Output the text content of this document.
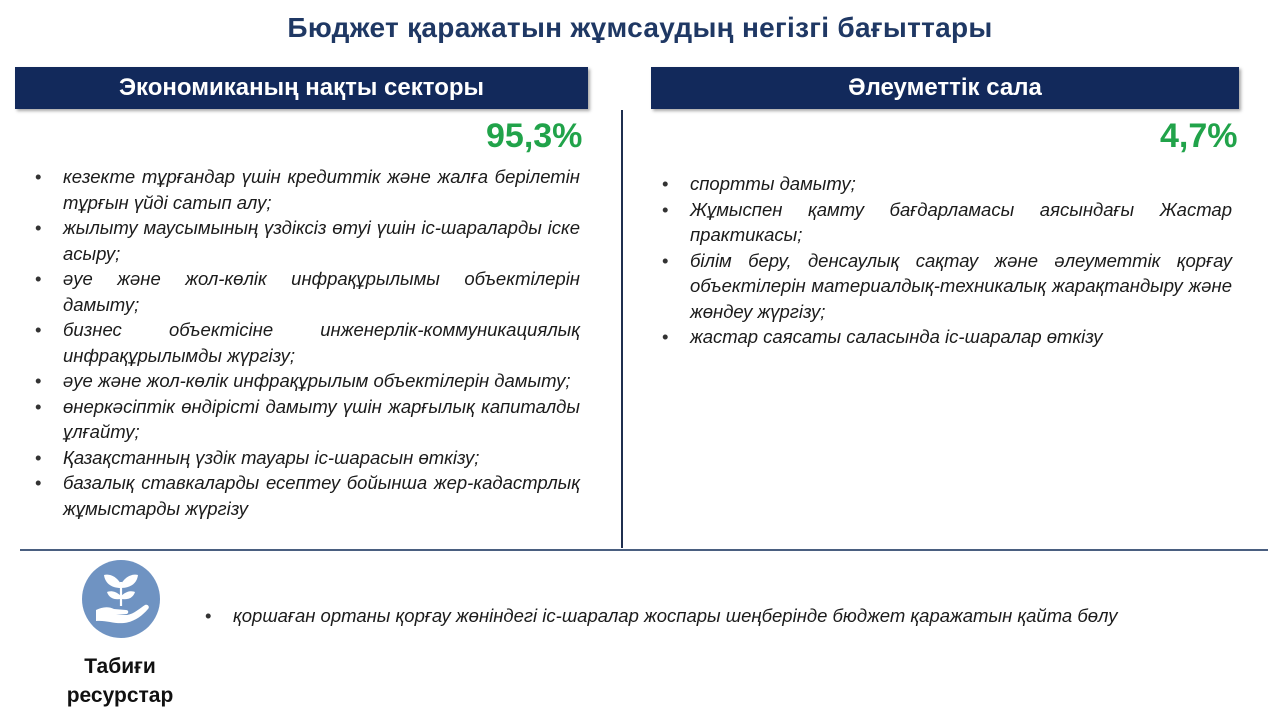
Бюджет қаражатын жұмсаудың негізгі бағыттары
Экономиканың нақты секторы	Әлеуметтік сала
95,3%	4,7%
• кезекте тұрғандар үшін кредиттік және жалға берілетін тұрғын үйді сатып алу;
• жылыту маусымының үздіксіз өтуі үшін іс-шараларды іске асыру;
• әуе және жол-көлік инфрақұрылымы объектілерін дамыту;
• бизнес объектісіне инженерлік-коммуникациялық инфрақұрылымды жүргізу;
• әуе және жол-көлік инфрақұрылым объектілерін дамыту;
• өнеркәсіптік өндірісті дамыту үшін жарғылық капиталды ұлғайту;
• Қазақстанның үздік тауары іс-шарасын өткізу;
• базалық ставкаларды есептеу бойынша жер-кадастрлық жұмыстарды жүргізу
• спортты дамыту;
• Жұмыспен қамту бағдарламасы аясындағы Жастар практикасы;
• білім беру, денсаулық сақтау және әлеуметтік қорғау объектілерін материалдық-техникалық жарақтандыру және жөндеу жүргізу;
• жастар саясаты саласында іс-шаралар өткізу
Табиғи
ресурстар
• қоршаған ортаны қорғау жөніндегі іс-шаралар жоспары шеңберінде бюджет қаражатын қайта бөлу
